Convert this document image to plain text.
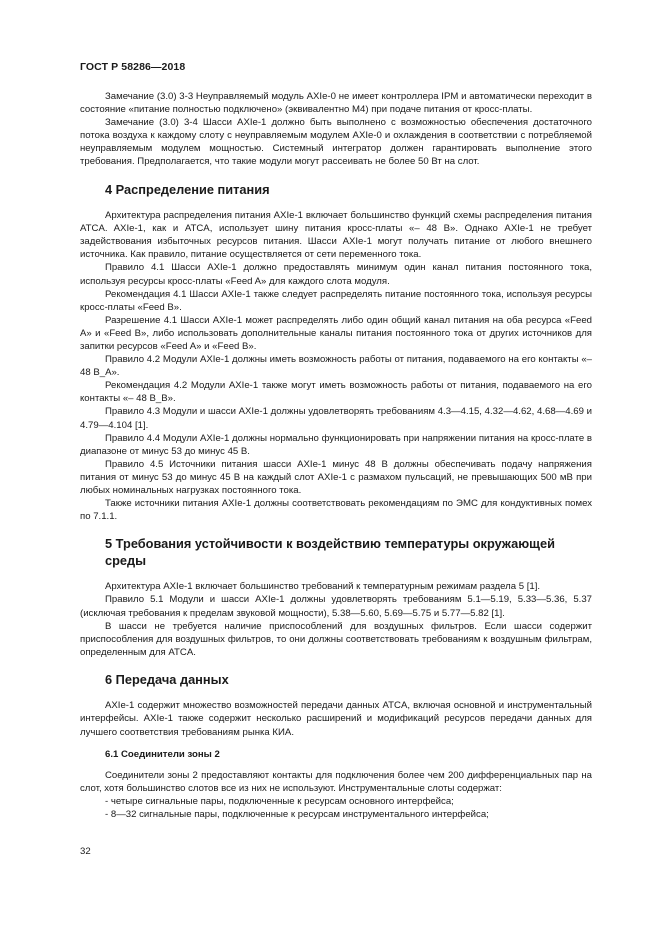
ГОСТ Р 58286—2018

Замечание (3.0) 3-3 Неуправляемый модуль AXIe-0 не имеет контроллера IPM и автоматически переходит в состояние «питание полностью подключено» (эквивалентно M4) при подаче питания от кросс-платы.

Замечание (3.0) 3-4 Шасси AXIe-1 должно быть выполнено с возможностью обеспечения достаточного потока воздуха к каждому слоту с неуправляемым модулем AXIe-0 и охлаждения в соответствии с потребляемой неуправляемым модулем мощностью. Системный интегратор должен гарантировать выполнение этого требования. Предполагается, что такие модули могут рассеивать не более 50 Вт на слот.

4 Распределение питания

Архитектура распределения питания AXIe-1 включает большинство функций схемы распределения питания ATCA. AXIe-1, как и ATCA, использует шину питания кросс-платы «– 48 В». Однако AXIe-1 не требует задействования избыточных ресурсов питания. Шасси AXIe-1 могут получать питание от любого внешнего источника. Как правило, питание осуществляется от сети переменного тока.

Правило 4.1 Шасси AXIe-1 должно предоставлять минимум один канал питания постоянного тока, используя ресурсы кросс-платы «Feed A» для каждого слота модуля.

Рекомендация 4.1 Шасси AXIe-1 также следует распределять питание постоянного тока, используя ресурсы кросс-платы «Feed B».

Разрешение 4.1 Шасси AXIe-1 может распределять либо один общий канал питания на оба ресурса «Feed A» и «Feed B», либо использовать дополнительные каналы питания постоянного тока от других источников для запитки ресурсов «Feed A» и «Feed B».

Правило 4.2 Модули AXIe-1 должны иметь возможность работы от питания, подаваемого на его контакты «– 48 B_A».

Рекомендация 4.2 Модули AXIe-1 также могут иметь возможность работы от питания, подаваемого на его контакты «– 48 B_B».

Правило 4.3 Модули и шасси AXIe-1 должны удовлетворять требованиям 4.3—4.15, 4.32—4.62, 4.68—4.69 и 4.79—4.104 [1].

Правило 4.4 Модули AXIe-1 должны нормально функционировать при напряжении питания на кросс-плате в диапазоне от минус 53 до минус 45 В.

Правило 4.5 Источники питания шасси AXIe-1 минус 48 В должны обеспечивать подачу напряжения питания от минус 53 до минус 45 В на каждый слот AXIe-1 с размахом пульсаций, не превышающих 500 мВ при любых номинальных нагрузках постоянного тока.

Также источники питания AXIe-1 должны соответствовать рекомендациям по ЭМС для кондуктивных помех по 7.1.1.

5 Требования устойчивости к воздействию температуры окружающей среды

Архитектура AXIe-1 включает большинство требований к температурным режимам раздела 5 [1].

Правило 5.1 Модули и шасси AXIe-1 должны удовлетворять требованиям 5.1—5.19, 5.33—5.36, 5.37 (исключая требования к пределам звуковой мощности), 5.38—5.60, 5.69—5.75 и 5.77—5.82 [1].

В шасси не требуется наличие приспособлений для воздушных фильтров. Если шасси содержит приспособления для воздушных фильтров, то они должны соответствовать требованиям к воздушным фильтрам, определенным для ATCA.

6 Передача данных

AXIe-1 содержит множество возможностей передачи данных ATCA, включая основной и инструментальный интерфейсы. AXIe-1 также содержит несколько расширений и модификаций ресурсов передачи данных для лучшего соответствия требованиям рынка КИА.

6.1 Соединители зоны 2

Соединители зоны 2 предоставляют контакты для подключения более чем 200 дифференциальных пар на слот, хотя большинство слотов все из них не используют. Инструментальные слоты содержат:

- четыре сигнальные пары, подключенные к ресурсам основного интерфейса;

- 8—32 сигнальные пары, подключенные к ресурсам инструментального интерфейса;

32
